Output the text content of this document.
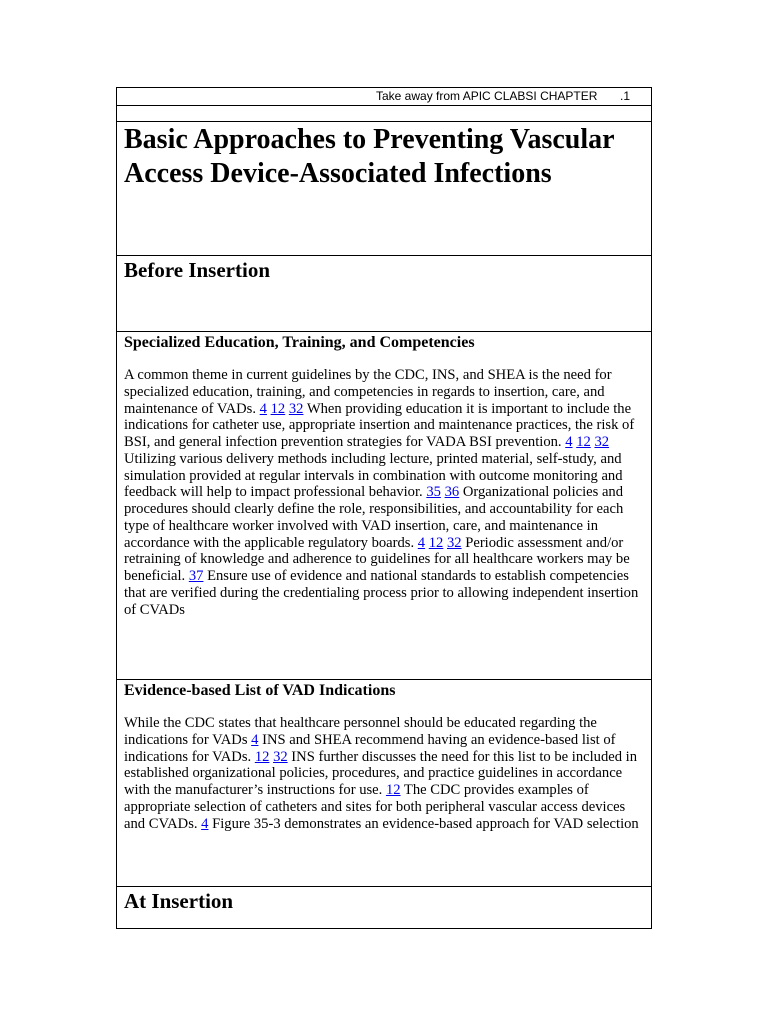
Take away from APIC CLABSI CHAPTER .1
Basic Approaches to Preventing Vascular Access Device-Associated Infections
Before Insertion
Specialized Education, Training, and Competencies

A common theme in current guidelines by the CDC, INS, and SHEA is the need for specialized education, training, and competencies in regards to insertion, care, and maintenance of VADs. 4 12 32 When providing education it is important to include the indications for catheter use, appropriate insertion and maintenance practices, the risk of BSI, and general infection prevention strategies for VADA BSI prevention. 4 12 32 Utilizing various delivery methods including lecture, printed material, self-study, and simulation provided at regular intervals in combination with outcome monitoring and feedback will help to impact professional behavior. 35 36 Organizational policies and procedures should clearly define the role, responsibilities, and accountability for each type of healthcare worker involved with VAD insertion, care, and maintenance in accordance with the applicable regulatory boards. 4 12 32 Periodic assessment and/or retraining of knowledge and adherence to guidelines for all healthcare workers may be beneficial. 37 Ensure use of evidence and national standards to establish competencies that are verified during the credentialing process prior to allowing independent insertion of CVADs

Evidence-based List of VAD Indications

While the CDC states that healthcare personnel should be educated regarding the indications for VADs 4 INS and SHEA recommend having an evidence-based list of indications for VADs. 12 32 INS further discusses the need for this list to be included in established organizational policies, procedures, and practice guidelines in accordance with the manufacturer’s instructions for use. 12 The CDC provides examples of appropriate selection of catheters and sites for both peripheral vascular access devices and CVADs. 4 Figure 35-3 demonstrates an evidence-based approach for VAD selection

At Insertion
